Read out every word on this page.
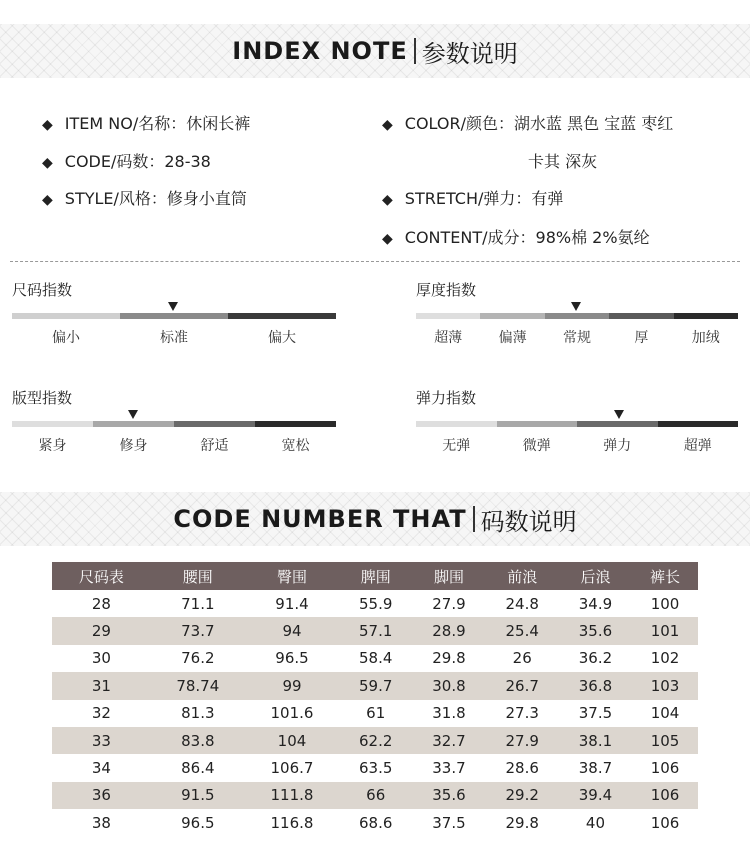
INDEX NOTE 参数说明
◆ ITEM NO/名称：休闲长裤
◆ CODE/码数：28-38
◆ STYLE/风格：修身小直筒
◆ COLOR/颜色：湖水蓝 黑色 宝蓝 枣红
卡其 深灰
◆ STRETCH/弹力：有弹
◆ CONTENT/成分：98%棉 2%氨纶
尺码指数
偏小	标准	偏大
厚度指数
超薄	偏薄	常规	厚	加绒
版型指数
紧身	修身	舒适	宽松
弹力指数
无弹	微弹	弹力	超弹
CODE NUMBER THAT 码数说明
尺码表	腰围	臀围	脾围	脚围	前浪	后浪	裤长
28	71.1	91.4	55.9	27.9	24.8	34.9	100
29	73.7	94	57.1	28.9	25.4	35.6	101
30	76.2	96.5	58.4	29.8	26	36.2	102
31	78.74	99	59.7	30.8	26.7	36.8	103
32	81.3	101.6	61	31.8	27.3	37.5	104
33	83.8	104	62.2	32.7	27.9	38.1	105
34	86.4	106.7	63.5	33.7	28.6	38.7	106
36	91.5	111.8	66	35.6	29.2	39.4	106
38	96.5	116.8	68.6	37.5	29.8	40	106
